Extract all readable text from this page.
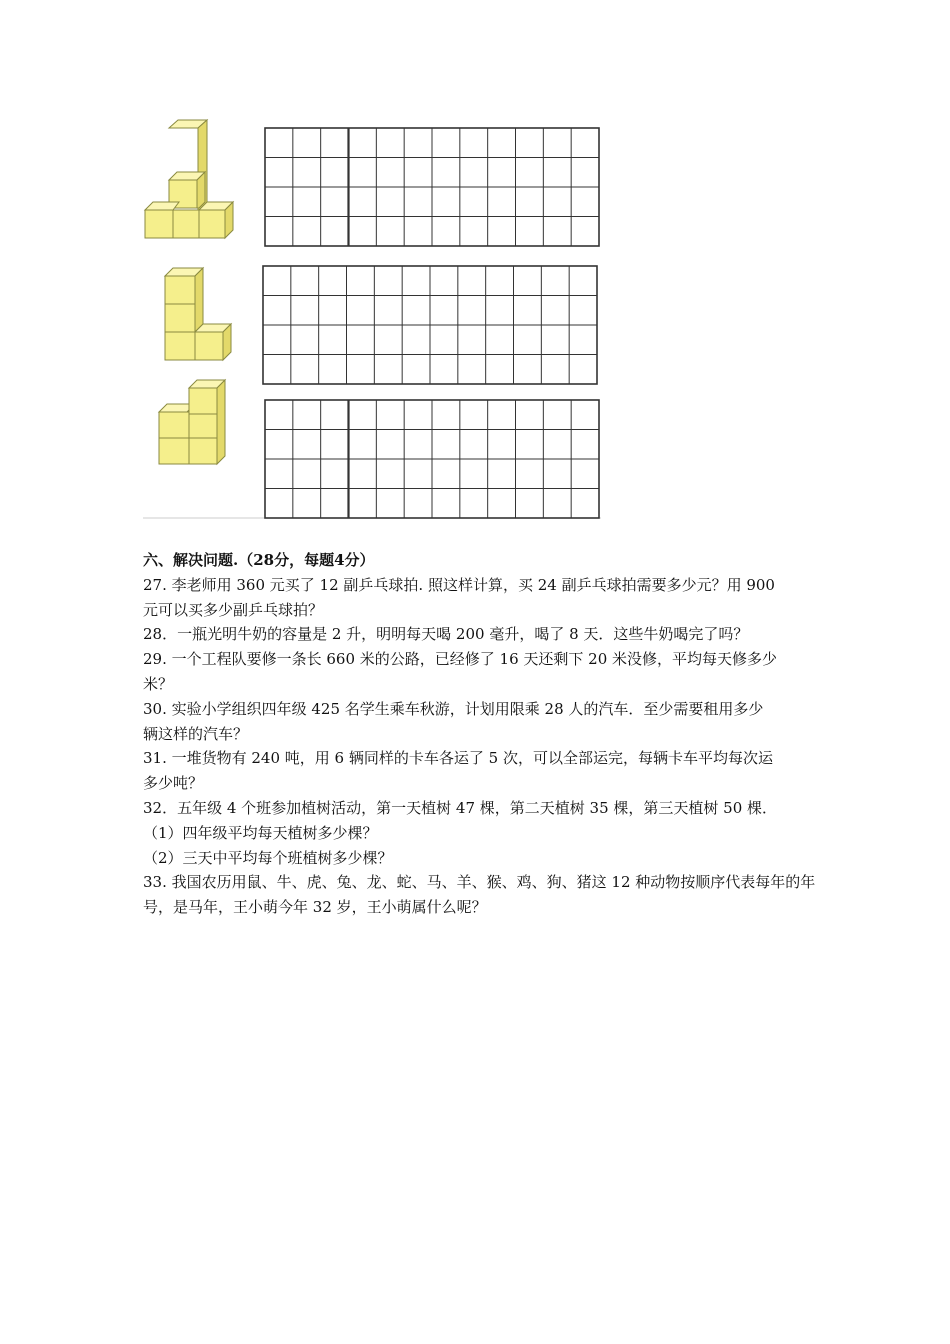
六、解决问题.（28分，每题4分）

27. 李老师用 360 元买了 12 副乒乓球拍. 照这样计算，买 24 副乒乓球拍需要多少元？用 900

元可以买多少副乒乓球拍？

28．一瓶光明牛奶的容量是 2 升，明明每天喝 200 毫升，喝了 8 天．这些牛奶喝完了吗？

29. 一个工程队要修一条长 660 米的公路，已经修了 16 天还剩下 20 米没修，平均每天修多少

米？

30. 实验小学组织四年级 425 名学生乘车秋游，计划用限乘 28 人的汽车．至少需要租用多少

辆这样的汽车？

31. 一堆货物有 240 吨，用 6 辆同样的卡车各运了 5 次，可以全部运完，每辆卡车平均每次运

多少吨？

32．五年级 4 个班参加植树活动，第一天植树 47 棵，第二天植树 35 棵，第三天植树 50 棵．

（1）四年级平均每天植树多少棵？

（2）三天中平均每个班植树多少棵？

33. 我国农历用鼠、牛、虎、兔、龙、蛇、马、羊、猴、鸡、狗、猪这 12 种动物按顺序代表每年的年

号，是马年，王小萌今年 32 岁，王小萌属什么呢？
